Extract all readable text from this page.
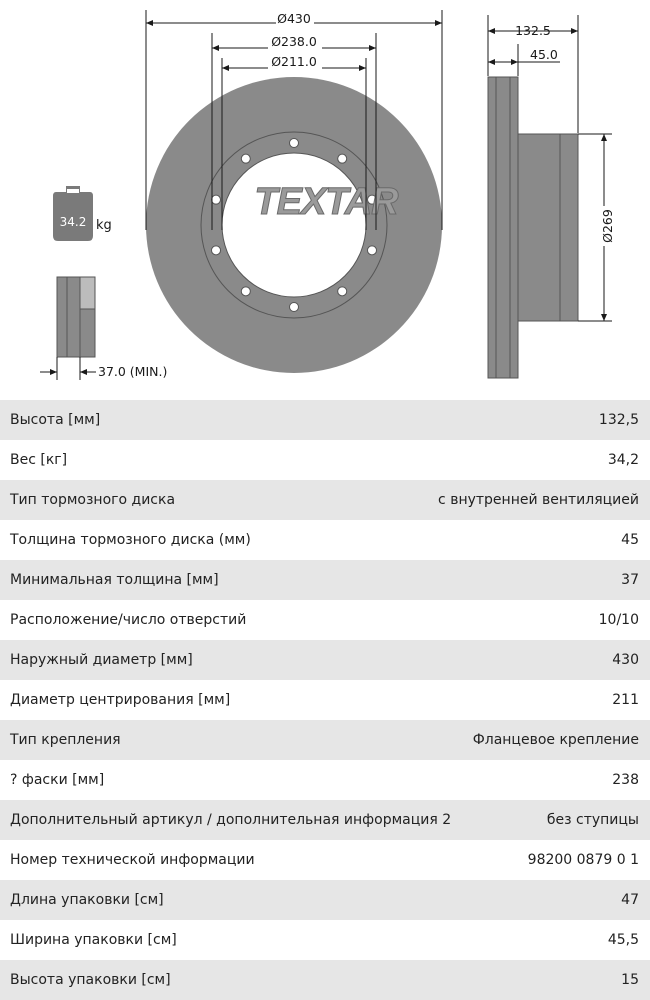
TEXTAR
Ø430
Ø238.0
Ø211.0
132.5
45.0
Ø269
34.2 kg
37.0 (MIN.)
Высота [мм]	132,5
Вес [кг]	34,2
Тип тормозного диска	с внутренней вентиляцией
Толщина тормозного диска (мм)	45
Минимальная толщина [мм]	37
Расположение/число отверстий	10/10
Наружный диаметр [мм]	430
Диаметр центрирования [мм]	211
Тип крепления	Фланцевое крепление
? фаски [мм]	238
Дополнительный артикул / дополнительная информация 2	без ступицы
Номер технической информации	98200 0879 0 1
Длина упаковки [см]	47
Ширина упаковки [см]	45,5
Высота упаковки [см]	15
